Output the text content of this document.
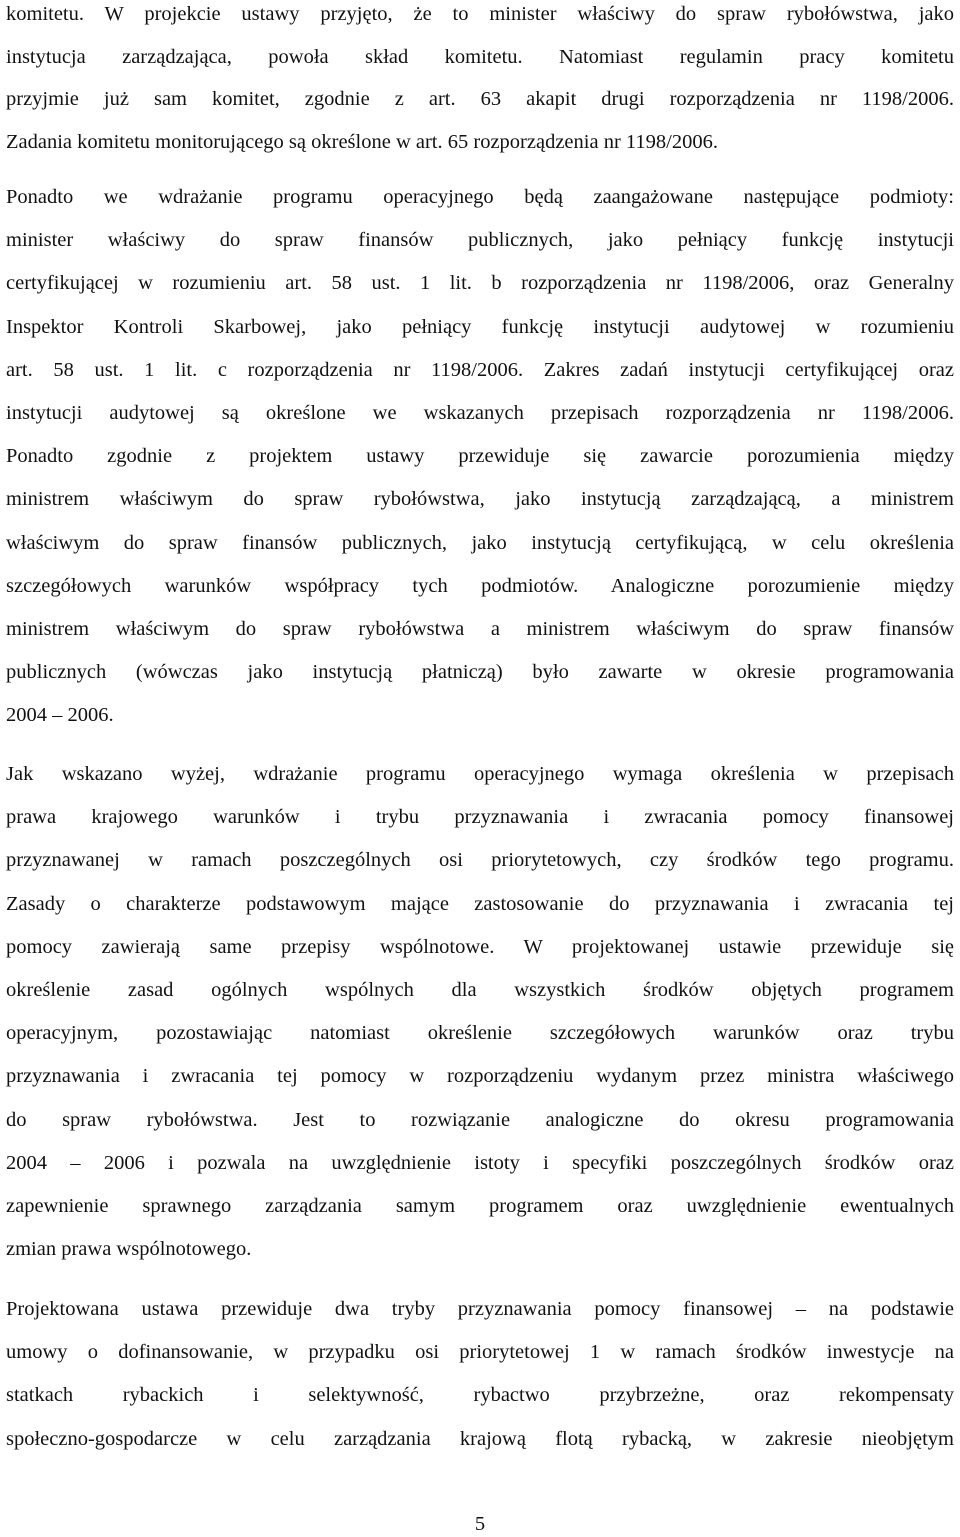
komitetu. W projekcie ustawy przyjęto, że to minister właściwy do spraw rybołówstwa, jako
instytucja zarządzająca, powoła skład komitetu. Natomiast regulamin pracy komitetu
przyjmie już sam komitet, zgodnie z art. 63 akapit drugi rozporządzenia nr 1198/2006.
Zadania komitetu monitorującego są określone w art. 65 rozporządzenia nr 1198/2006.
Ponadto we wdrażanie programu operacyjnego będą zaangażowane następujące podmioty:
minister właściwy do spraw finansów publicznych, jako pełniący funkcję instytucji
certyfikującej w rozumieniu art. 58 ust. 1 lit. b rozporządzenia nr 1198/2006, oraz Generalny
Inspektor Kontroli Skarbowej, jako pełniący funkcję instytucji audytowej w rozumieniu
art. 58 ust. 1 lit. c rozporządzenia nr 1198/2006. Zakres zadań instytucji certyfikującej oraz
instytucji audytowej są określone we wskazanych przepisach rozporządzenia nr 1198/2006.
Ponadto zgodnie z projektem ustawy przewiduje się zawarcie porozumienia między
ministrem właściwym do spraw rybołówstwa, jako instytucją zarządzającą, a ministrem
właściwym do spraw finansów publicznych, jako instytucją certyfikującą, w celu określenia
szczegółowych warunków współpracy tych podmiotów. Analogiczne porozumienie między
ministrem właściwym do spraw rybołówstwa a ministrem właściwym do spraw finansów
publicznych (wówczas jako instytucją płatniczą) było zawarte w okresie programowania
2004 – 2006.
Jak wskazano wyżej, wdrażanie programu operacyjnego wymaga określenia w przepisach
prawa krajowego warunków i trybu przyznawania i zwracania pomocy finansowej
przyznawanej w ramach poszczególnych osi priorytetowych, czy środków tego programu.
Zasady o charakterze podstawowym mające zastosowanie do przyznawania i zwracania tej
pomocy zawierają same przepisy wspólnotowe. W projektowanej ustawie przewiduje się
określenie zasad ogólnych wspólnych dla wszystkich środków objętych programem
operacyjnym, pozostawiając natomiast określenie szczegółowych warunków oraz trybu
przyznawania i zwracania tej pomocy w rozporządzeniu wydanym przez ministra właściwego
do spraw rybołówstwa. Jest to rozwiązanie analogiczne do okresu programowania
2004 – 2006 i pozwala na uwzględnienie istoty i specyfiki poszczególnych środków oraz
zapewnienie sprawnego zarządzania samym programem oraz uwzględnienie ewentualnych
zmian prawa wspólnotowego.
Projektowana ustawa przewiduje dwa tryby przyznawania pomocy finansowej – na podstawie
umowy o dofinansowanie, w przypadku osi priorytetowej 1 w ramach środków inwestycje na
statkach rybackich i selektywność, rybactwo przybrzeżne, oraz rekompensaty
społeczno-gospodarcze w celu zarządzania krajową flotą rybacką, w zakresie nieobjętym
5
